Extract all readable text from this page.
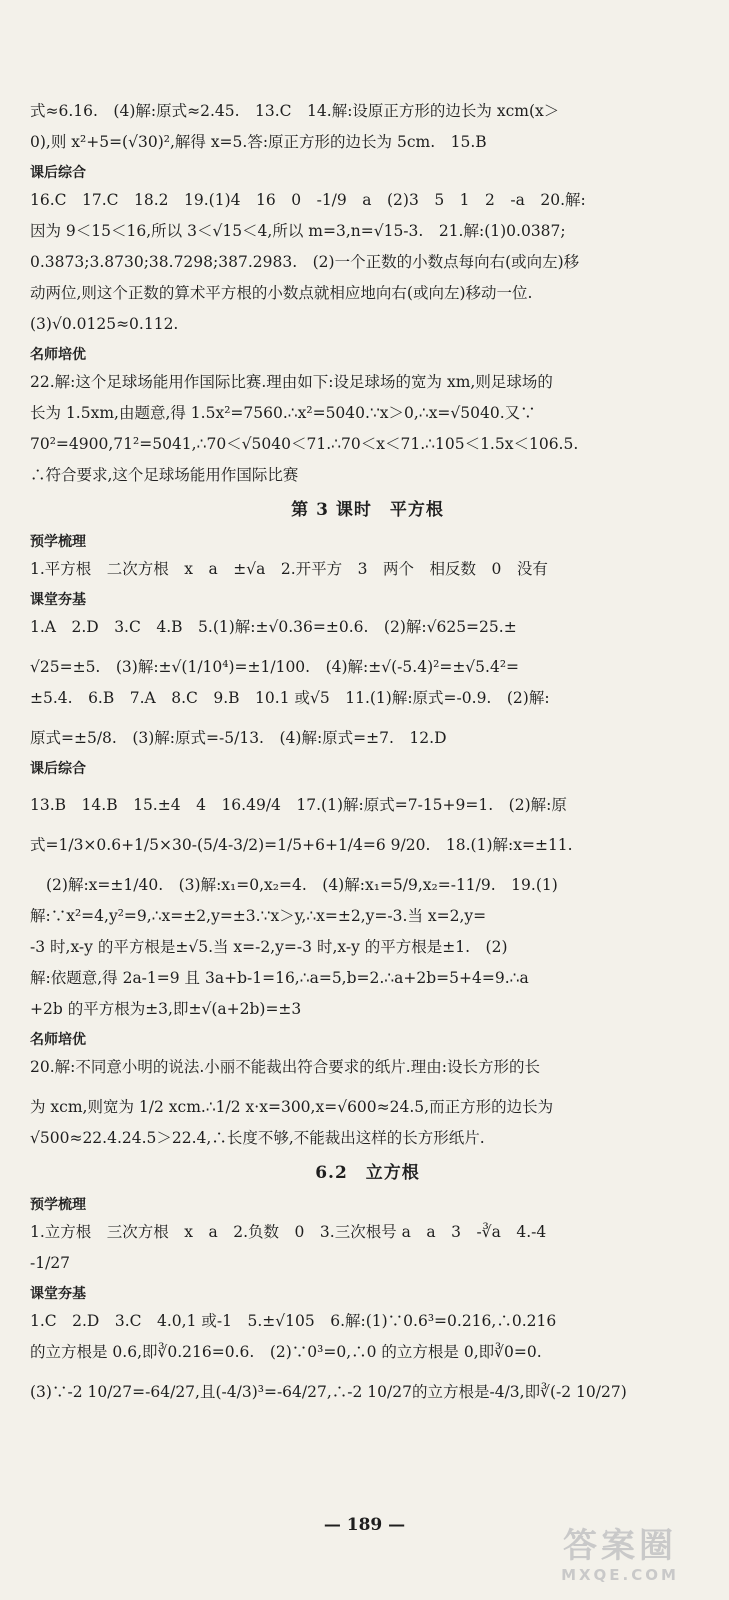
式≈6.16.　(4)解:原式≈2.45.　13.C　14.解:设原正方形的边长为 xcm(x＞
0),则 x²+5=(√30)²,解得 x=5.答:原正方形的边长为 5cm.　15.B
课后综合
16.C　17.C　18.2　19.(1)4　16　0　-1/9　a　(2)3　5　1　2　-a　20.解:
因为 9＜15＜16,所以 3＜√15＜4,所以 m=3,n=√15-3.　21.解:(1)0.0387;
0.3873;3.8730;38.7298;387.2983.　(2)一个正数的小数点每向右(或向左)移
动两位,则这个正数的算术平方根的小数点就相应地向右(或向左)移动一位.
(3)√0.0125≈0.112.
名师培优
22.解:这个足球场能用作国际比赛.理由如下:设足球场的宽为 xm,则足球场的
长为 1.5xm,由题意,得 1.5x²=7560.∴x²=5040.∵x＞0,∴x=√5040.又∵
70²=4900,71²=5041,∴70＜√5040＜71.∴70＜x＜71.∴105＜1.5x＜106.5.
∴符合要求,这个足球场能用作国际比赛
第 3 课时　平方根
预学梳理
1.平方根　二次方根　x　a　±√a　2.开平方　3　两个　相反数　0　没有
课堂夯基
1.A　2.D　3.C　4.B　5.(1)解:±√0.36=±0.6.　(2)解:√625=25.±
√25=±5.　(3)解:±√(1/10⁴)=±1/100.　(4)解:±√(-5.4)²=±√5.4²=
±5.4.　6.B　7.A　8.C　9.B　10.1 或√5　11.(1)解:原式=-0.9.　(2)解:
原式=±5/8.　(3)解:原式=-5/13.　(4)解:原式=±7.　12.D
课后综合
13.B　14.B　15.±4　4　16.49/4　17.(1)解:原式=7-15+9=1.　(2)解:原
式=1/3×0.6+1/5×30-(5/4-3/2)=1/5+6+1/4=6 9/20.　18.(1)解:x=±11.
(2)解:x=±1/40.　(3)解:x₁=0,x₂=4.　(4)解:x₁=5/9,x₂=-11/9.　19.(1)
解:∵x²=4,y²=9,∴x=±2,y=±3.∵x＞y,∴x=±2,y=-3.当 x=2,y=
-3 时,x-y 的平方根是±√5.当 x=-2,y=-3 时,x-y 的平方根是±1.　(2)
解:依题意,得 2a-1=9 且 3a+b-1=16,∴a=5,b=2.∴a+2b=5+4=9.∴a
+2b 的平方根为±3,即±√(a+2b)=±3
名师培优
20.解:不同意小明的说法.小丽不能裁出符合要求的纸片.理由:设长方形的长
为 xcm,则宽为 1/2 xcm.∴1/2 x·x=300,x=√600≈24.5,而正方形的边长为
√500≈22.4.24.5＞22.4,∴长度不够,不能裁出这样的长方形纸片.
6.2　立方根
预学梳理
1.立方根　三次方根　x　a　2.负数　0　3.三次根号 a　a　3　-∛a　4.-4
-1/27
课堂夯基
1.C　2.D　3.C　4.0,1 或-1　5.±√105　6.解:(1)∵0.6³=0.216,∴0.216
的立方根是 0.6,即∛0.216=0.6.　(2)∵0³=0,∴0 的立方根是 0,即∛0=0.
(3)∵-2 10/27=-64/27,且(-4/3)³=-64/27,∴-2 10/27的立方根是-4/3,即∛(-2 10/27)
— 189 —
答案圈
MXQE.COM
